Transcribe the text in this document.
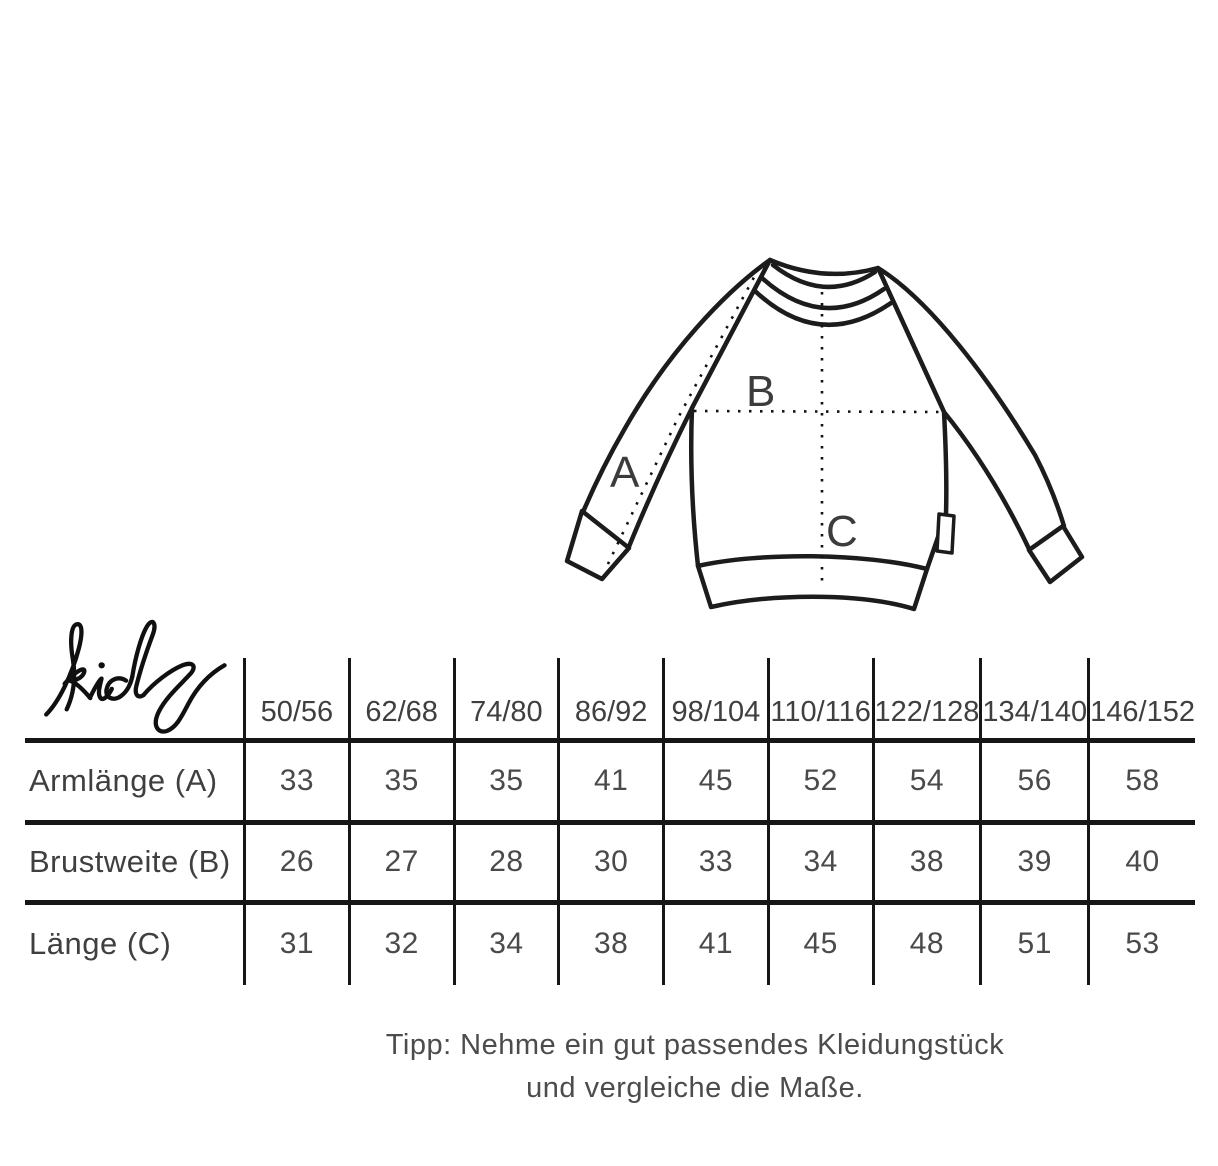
A
B
C
50/56	62/68	74/80	86/92 98/104 110/116 122/128 134/140 146/152
Armlänge (A)	33	35	35	41	45	52	54	56	58
Brustweite (B)	26	27	28	30	33	34	38	39	40
Länge (C)	31	32	34	38	41	45	48	51	53
Tipp: Nehme ein gut passendes Kleidungstück
und vergleiche die Maße.
